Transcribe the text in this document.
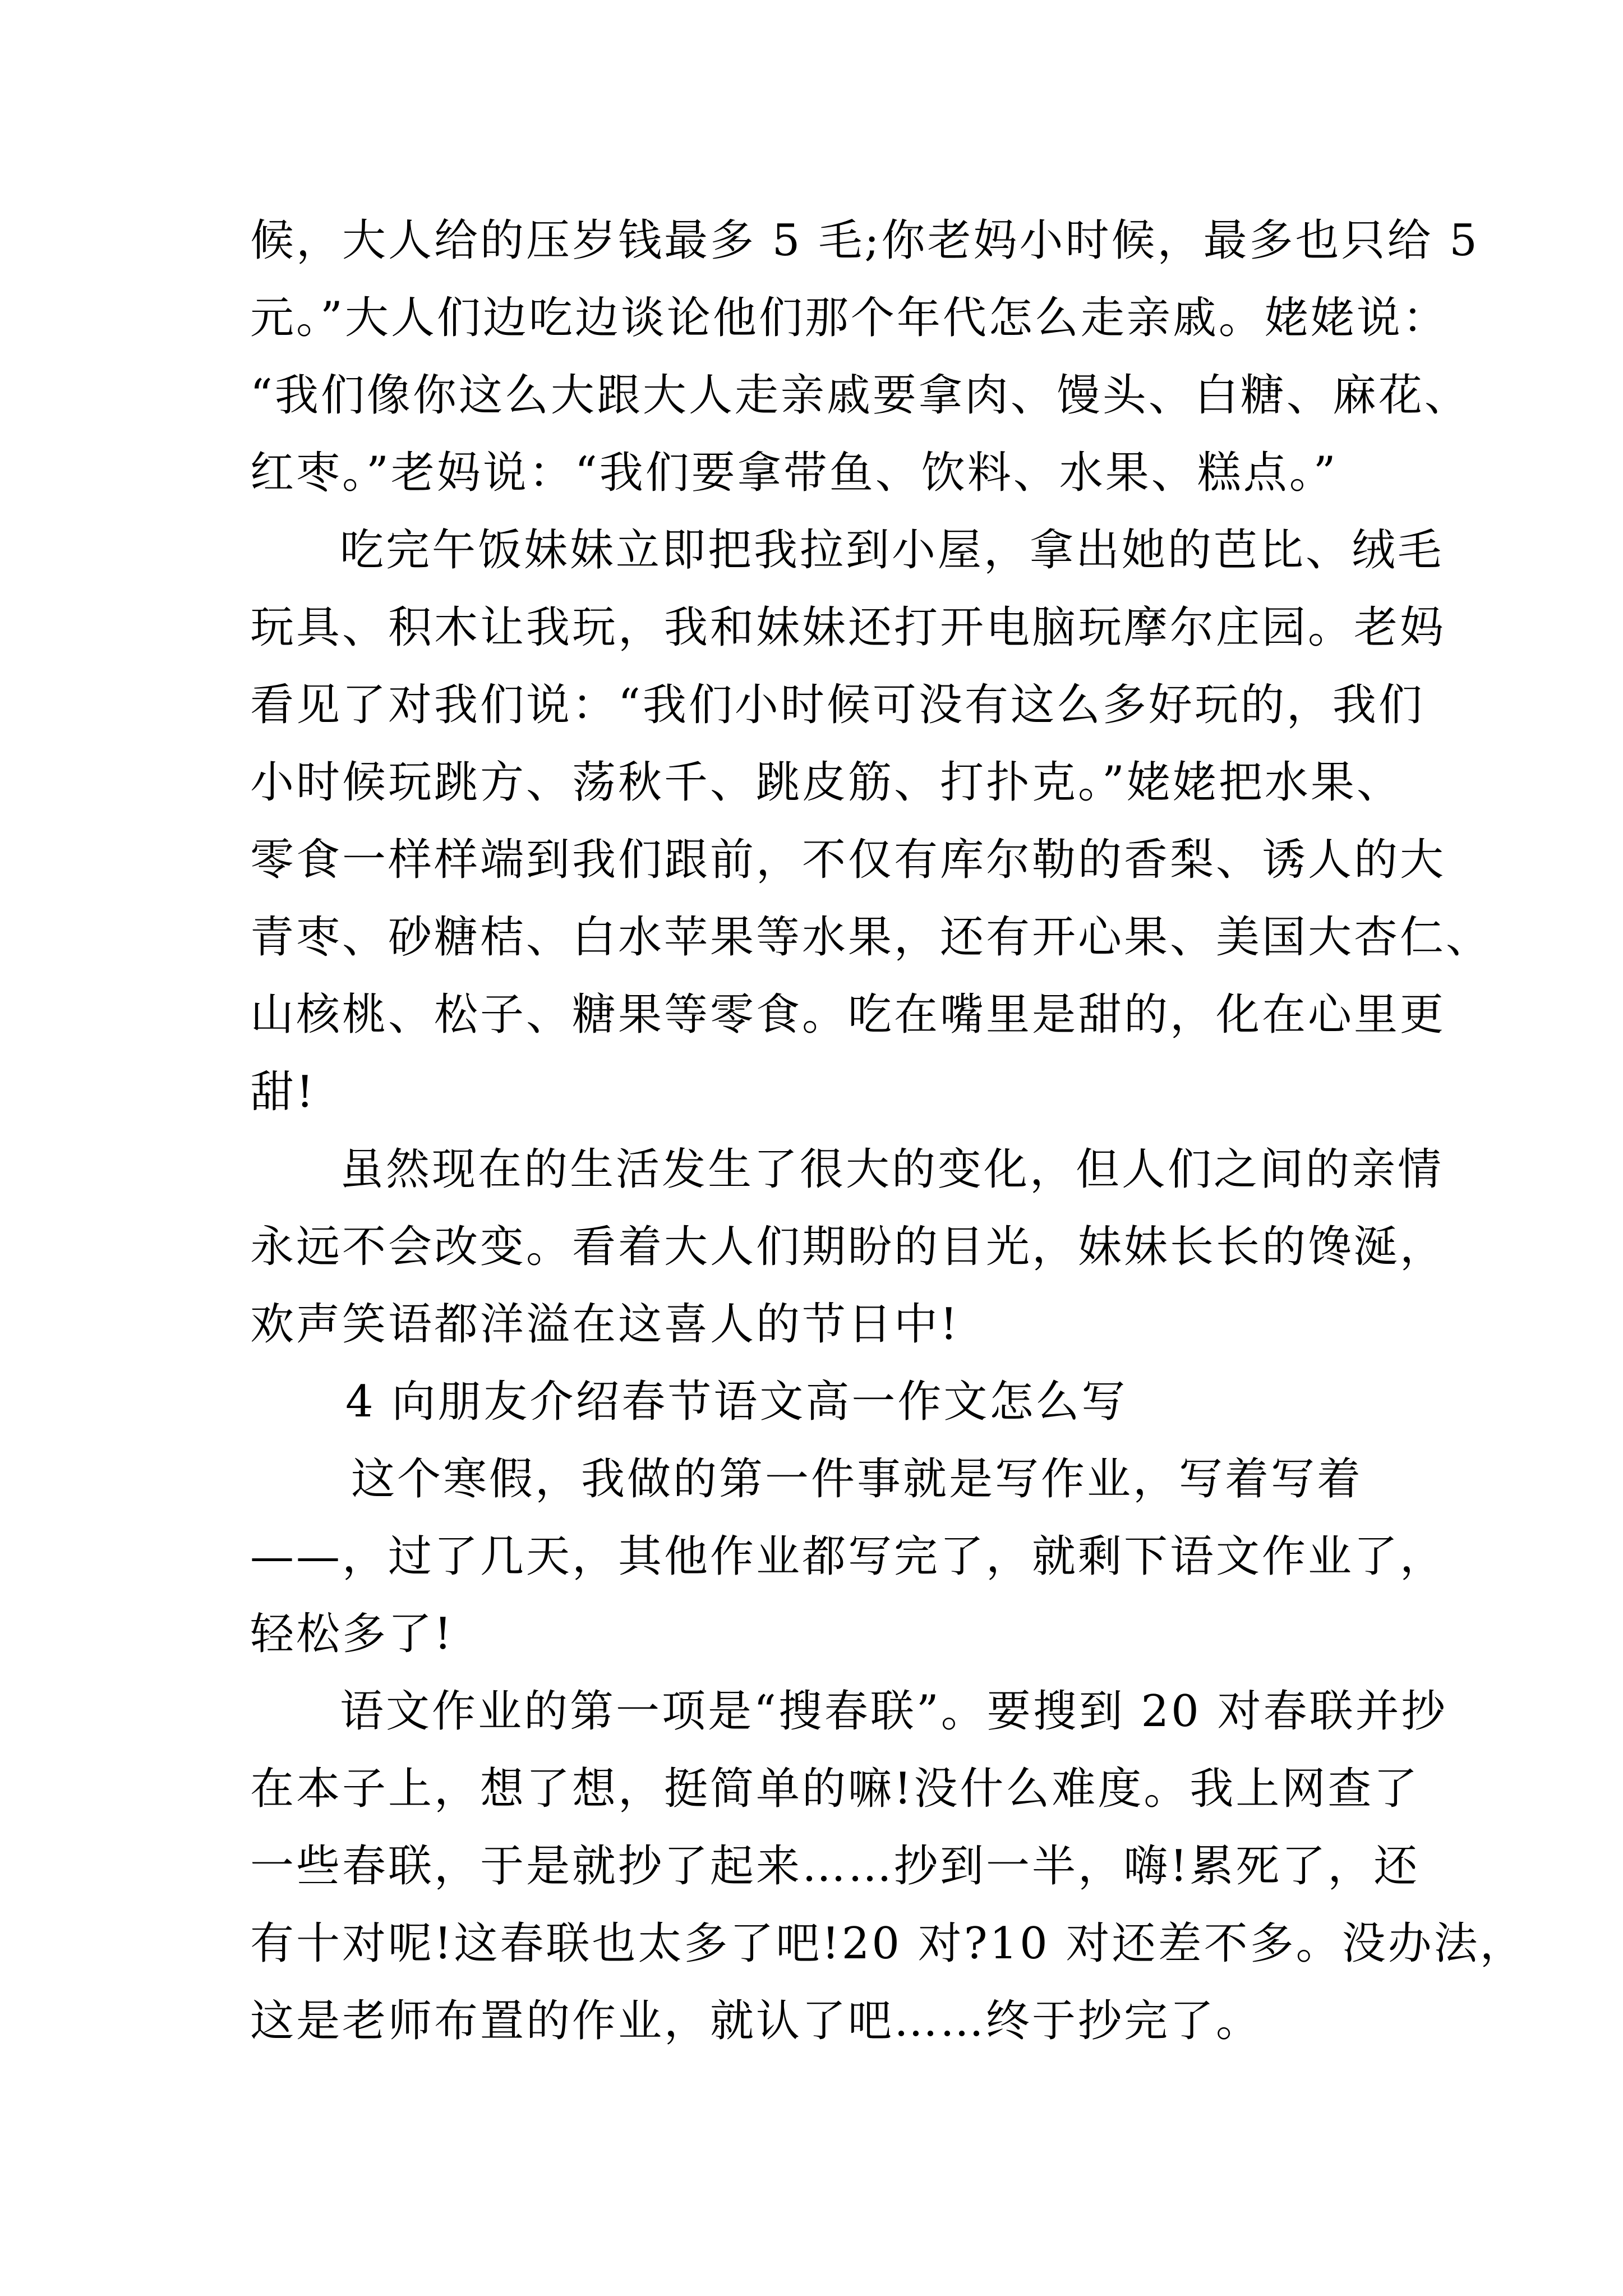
候，大人给的压岁钱最多 5 毛;你老妈小时候，最多也只给 5
元。”大人们边吃边谈论他们那个年代怎么走亲戚。姥姥说：
“我们像你这么大跟大人走亲戚要拿肉、馒头、白糖、麻花、
红枣。”老妈说：“我们要拿带鱼、饮料、水果、糕点。”
吃完午饭妹妹立即把我拉到小屋，拿出她的芭比、绒毛
玩具、积木让我玩，我和妹妹还打开电脑玩摩尔庄园。老妈
看见了对我们说：“我们小时候可没有这么多好玩的，我们
小时候玩跳方、荡秋千、跳皮筋、打扑克。”姥姥把水果、
零食一样样端到我们跟前，不仅有库尔勒的香梨、诱人的大
青枣、砂糖桔、白水苹果等水果，还有开心果、美国大杏仁、
山核桃、松子、糖果等零食。吃在嘴里是甜的，化在心里更
甜!
虽然现在的生活发生了很大的变化，但人们之间的亲情
永远不会改变。看着大人们期盼的目光，妹妹长长的馋涎，
欢声笑语都洋溢在这喜人的节日中!
4 向朋友介绍春节语文高一作文怎么写
这个寒假，我做的第一件事就是写作业，写着写着
——，过了几天，其他作业都写完了，就剩下语文作业了，
轻松多了!
语文作业的第一项是“搜春联”。要搜到 20 对春联并抄
在本子上，想了想，挺简单的嘛!没什么难度。我上网查了
一些春联，于是就抄了起来……抄到一半，嗨!累死了，还
有十对呢!这春联也太多了吧!20 对?10 对还差不多。没办法，
这是老师布置的作业，就认了吧……终于抄完了。
